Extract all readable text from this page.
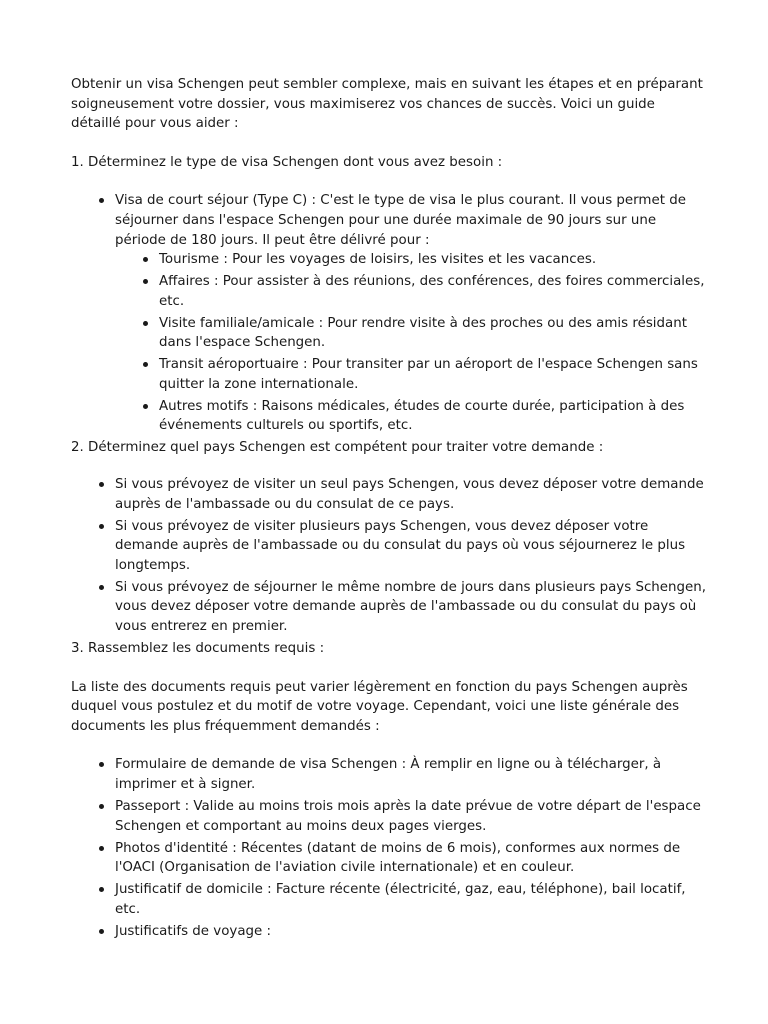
Obtenir un visa Schengen peut sembler complexe, mais en suivant les étapes et en préparant soigneusement votre dossier, vous maximiserez vos chances de succès. Voici un guide détaillé pour vous aider :

1. Déterminez le type de visa Schengen dont vous avez besoin :

Visa de court séjour (Type C) : C'est le type de visa le plus courant. Il vous permet de séjourner dans l'espace Schengen pour une durée maximale de 90 jours sur une période de 180 jours. Il peut être délivré pour :
Tourisme : Pour les voyages de loisirs, les visites et les vacances.
Affaires : Pour assister à des réunions, des conférences, des foires commerciales, etc.
Visite familiale/amicale : Pour rendre visite à des proches ou des amis résidant dans l'espace Schengen.
Transit aéroportuaire : Pour transiter par un aéroport de l'espace Schengen sans quitter la zone internationale.
Autres motifs : Raisons médicales, études de courte durée, participation à des événements culturels ou sportifs, etc.

2. Déterminez quel pays Schengen est compétent pour traiter votre demande :

Si vous prévoyez de visiter un seul pays Schengen, vous devez déposer votre demande auprès de l'ambassade ou du consulat de ce pays.
Si vous prévoyez de visiter plusieurs pays Schengen, vous devez déposer votre demande auprès de l'ambassade ou du consulat du pays où vous séjournerez le plus longtemps.
Si vous prévoyez de séjourner le même nombre de jours dans plusieurs pays Schengen, vous devez déposer votre demande auprès de l'ambassade ou du consulat du pays où vous entrerez en premier.

3. Rassemblez les documents requis :

La liste des documents requis peut varier légèrement en fonction du pays Schengen auprès duquel vous postulez et du motif de votre voyage. Cependant, voici une liste générale des documents les plus fréquemment demandés :

Formulaire de demande de visa Schengen : À remplir en ligne ou à télécharger, à imprimer et à signer.
Passeport : Valide au moins trois mois après la date prévue de votre départ de l'espace Schengen et comportant au moins deux pages vierges.
Photos d'identité : Récentes (datant de moins de 6 mois), conformes aux normes de l'OACI (Organisation de l'aviation civile internationale) et en couleur.
Justificatif de domicile : Facture récente (électricité, gaz, eau, téléphone), bail locatif, etc.
Justificatifs de voyage :
